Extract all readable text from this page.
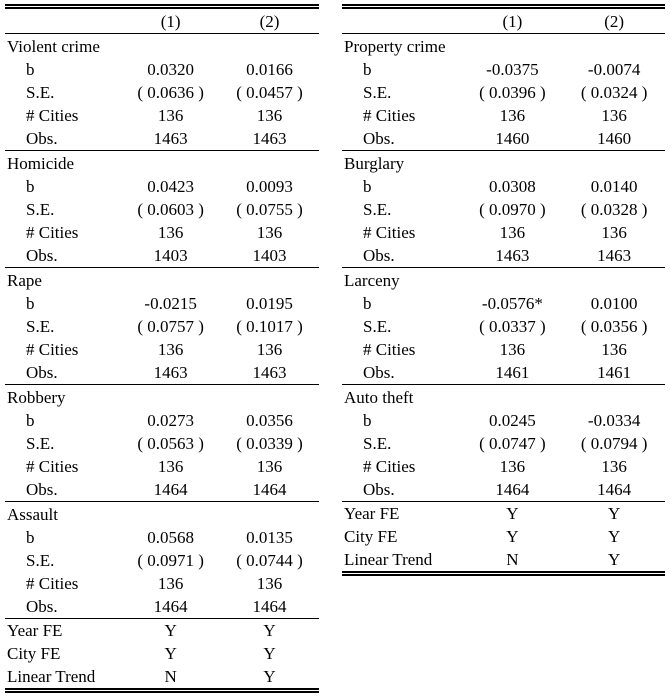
	(1)	(2)
Violent crime		
b	0.0320	0.0166
S.E.	( 0.0636 )	( 0.0457 )
# Cities	136	136
Obs.	1463	1463
Homicide		
b	0.0423	0.0093
S.E.	( 0.0603 )	( 0.0755 )
# Cities	136	136
Obs.	1403	1403
Rape		
b	-0.0215	0.0195
S.E.	( 0.0757 )	( 0.1017 )
# Cities	136	136
Obs.	1463	1463
Robbery		
b	0.0273	0.0356
S.E.	( 0.0563 )	( 0.0339 )
# Cities	136	136
Obs.	1464	1464
Assault		
b	0.0568	0.0135
S.E.	( 0.0971 )	( 0.0744 )
# Cities	136	136
Obs.	1464	1464
Year FE	Y	Y
City FE	Y	Y
Linear Trend	N	Y
	(1)	(2)
Property crime		
b	-0.0375	-0.0074
S.E.	( 0.0396 )	( 0.0324 )
# Cities	136	136
Obs.	1460	1460
Burglary		
b	0.0308	0.0140
S.E.	( 0.0970 )	( 0.0328 )
# Cities	136	136
Obs.	1463	1463
Larceny		
b	-0.0576*	0.0100
S.E.	( 0.0337 )	( 0.0356 )
# Cities	136	136
Obs.	1461	1461
Auto theft		
b	0.0245	-0.0334
S.E.	( 0.0747 )	( 0.0794 )
# Cities	136	136
Obs.	1464	1464
Year FE	Y	Y
City FE	Y	Y
Linear Trend	N	Y
